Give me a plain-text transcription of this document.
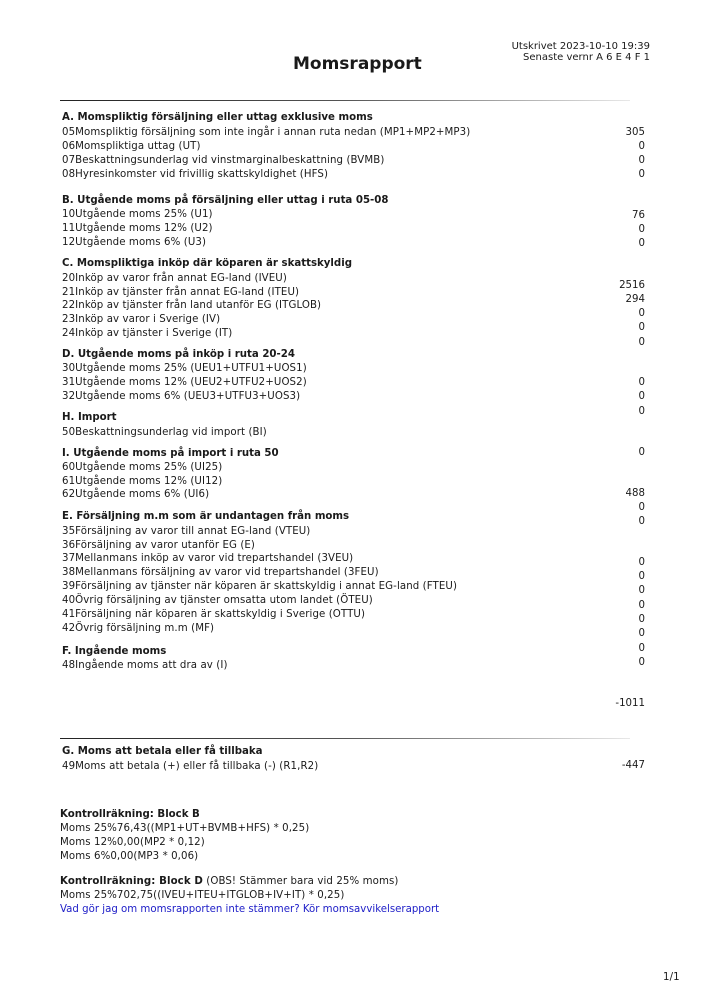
Utskrivet 2023-10-10 19:39
Senaste vernr A 6 E 4 F 1
Momsrapport
A. Momspliktig försäljning eller uttag exklusive moms
05Momspliktig försäljning som inte ingår i annan ruta nedan (MP1+MP2+MP3)
06Momspliktiga uttag (UT)
07Beskattningsunderlag vid vinstmarginalbeskattning (BVMB)
08Hyresinkomster vid frivillig skattskyldighet (HFS)
B. Utgående moms på försäljning eller uttag i ruta 05-08
10Utgående moms 25% (U1)
11Utgående moms 12% (U2)
12Utgående moms 6% (U3)
C. Momspliktiga inköp där köparen är skattskyldig
20Inköp av varor från annat EG-land (IVEU)
21Inköp av tjänster från annat EG-land (ITEU)
22Inköp av tjänster från land utanför EG (ITGLOB)
23Inköp av varor i Sverige (IV)
24Inköp av tjänster i Sverige (IT)
D. Utgående moms på inköp i ruta 20-24
30Utgående moms 25% (UEU1+UTFU1+UOS1)
31Utgående moms 12% (UEU2+UTFU2+UOS2)
32Utgående moms 6% (UEU3+UTFU3+UOS3)
H. Import
50Beskattningsunderlag vid import (BI)
I. Utgående moms på import i ruta 50
60Utgående moms 25% (UI25)
61Utgående moms 12% (UI12)
62Utgående moms 6% (UI6)
E. Försäljning m.m som är undantagen från moms
35Försäljning av varor till annat EG-land (VTEU)
36Försäljning av varor utanför EG (E)
37Mellanmans inköp av varor vid trepartshandel (3VEU)
38Mellanmans försäljning av varor vid trepartshandel (3FEU)
39Försäljning av tjänster när köparen är skattskyldig i annat EG-land (FTEU)
40Övrig försäljning av tjänster omsatta utom landet (ÖTEU)
41Försäljning när köparen är skattskyldig i Sverige (OTTU)
42Övrig försäljning m.m (MF)
F. Ingående moms
48Ingående moms att dra av (I)
305
0
0
0
76
0
0
2516
294
0
0
0
0
0
0
0
488
0
0
0
0
0
0
0
0
0
0
-1011
G. Moms att betala eller få tillbaka
49Moms att betala (+) eller få tillbaka (-) (R1,R2)	-447
Kontrollräkning: Block B
Moms 25%76,43((MP1+UT+BVMB+HFS) * 0,25)
Moms 12%0,00(MP2 * 0,12)
Moms 6%0,00(MP3 * 0,06)
Kontrollräkning: Block D (OBS! Stämmer bara vid 25% moms)
Moms 25%702,75((IVEU+ITEU+ITGLOB+IV+IT) * 0,25)
Vad gör jag om momsrapporten inte stämmer? Kör momsavvikelserapport
1/1
